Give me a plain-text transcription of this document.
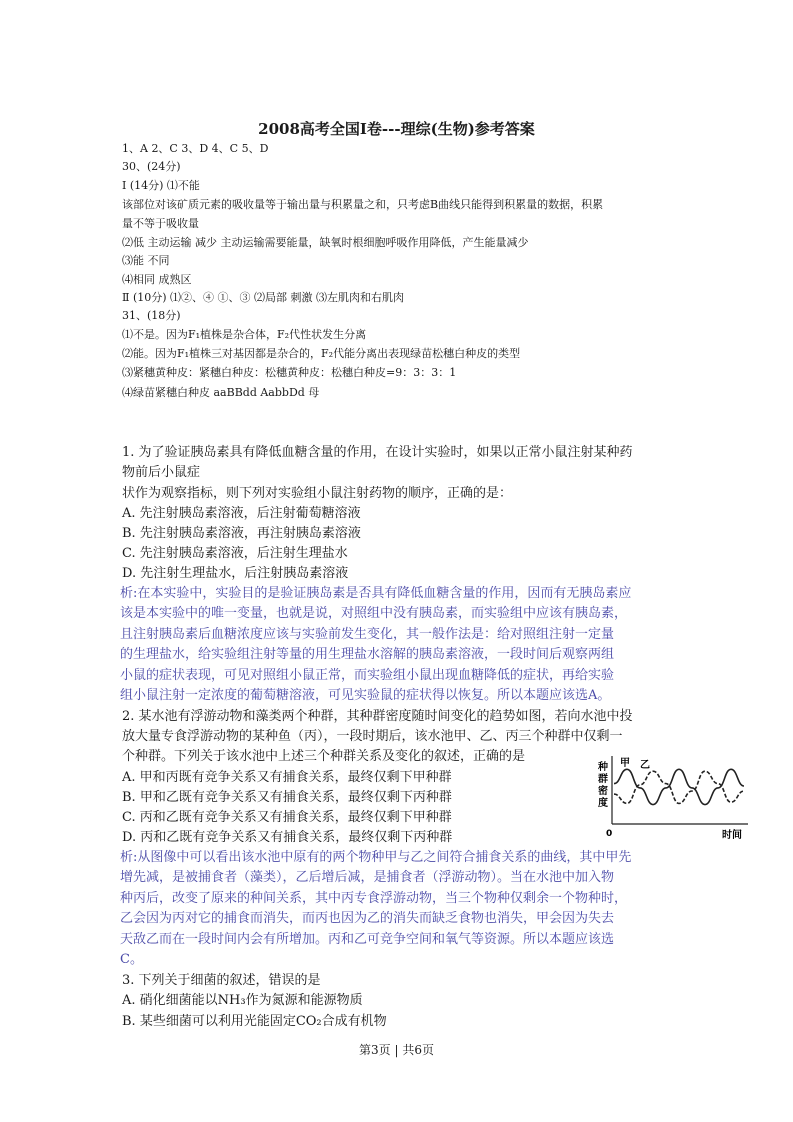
2008高考全国Ⅰ卷---理综(生物)参考答案
1、A 2、C 3、D 4、C 5、D
30、(24分)
Ⅰ (14分) ⑴不能
该部位对该矿质元素的吸收量等于输出量与积累量之和，只考虑B曲线只能得到积累量的数据，积累
量不等于吸收量
⑵低 主动运输 减少 主动运输需要能量，缺氧时根细胞呼吸作用降低，产生能量减少
⑶能 不同
⑷相同 成熟区
Ⅱ (10分) ⑴②、④ ①、③ ⑵局部 刺激 ⑶左肌肉和右肌肉
31、(18分)
⑴不是。因为F₁植株是杂合体，F₂代性状发生分离
⑵能。因为F₁植株三对基因都是杂合的，F₂代能分离出表现绿苗松穗白种皮的类型
⑶紧穗黄种皮：紧穗白种皮：松穗黄种皮：松穗白种皮=9：3：3：1
⑷绿苗紧穗白种皮 aaBBdd AabbDd 母
1. 为了验证胰岛素具有降低血糖含量的作用，在设计实验时，如果以正常小鼠注射某种药
物前后小鼠症
状作为观察指标，则下列对实验组小鼠注射药物的顺序，正确的是：
A. 先注射胰岛素溶液，后注射葡萄糖溶液
B. 先注射胰岛素溶液，再注射胰岛素溶液
C. 先注射胰岛素溶液，后注射生理盐水
D. 先注射生理盐水，后注射胰岛素溶液
析:在本实验中，实验目的是验证胰岛素是否具有降低血糖含量的作用，因而有无胰岛素应
该是本实验中的唯一变量，也就是说，对照组中没有胰岛素，而实验组中应该有胰岛素，
且注射胰岛素后血糖浓度应该与实验前发生变化，其一般作法是：给对照组注射一定量
的生理盐水，给实验组注射等量的用生理盐水溶解的胰岛素溶液，一段时间后观察两组
小鼠的症状表现，可见对照组小鼠正常，而实验组小鼠出现血糖降低的症状，再给实验
组小鼠注射一定浓度的葡萄糖溶液，可见实验鼠的症状得以恢复。所以本题应该选A。
2. 某水池有浮游动物和藻类两个种群，其种群密度随时间变化的趋势如图，若向水池中投
放大量专食浮游动物的某种鱼（丙），一段时期后，该水池甲、乙、丙三个种群中仅剩一
个种群。下列关于该水池中上述三个种群关系及变化的叙述，正确的是
A. 甲和丙既有竞争关系又有捕食关系，最终仅剩下甲种群
B. 甲和乙既有竞争关系又有捕食关系，最终仅剩下丙种群
C. 丙和乙既有竞争关系又有捕食关系，最终仅剩下甲种群
D. 丙和乙既有竞争关系又有捕食关系，最终仅剩下丙种群
种
群
密
度
甲 乙
0	时间
析:从图像中可以看出该水池中原有的两个物种甲与乙之间符合捕食关系的曲线，其中甲先
增先减，是被捕食者（藻类），乙后增后减，是捕食者（浮游动物）。当在水池中加入物
种丙后，改变了原来的种间关系，其中丙专食浮游动物，当三个物种仅剩余一个物种时，
乙会因为丙对它的捕食而消失，而丙也因为乙的消失而缺乏食物也消失，甲会因为失去
天敌乙而在一段时间内会有所增加。丙和乙可竞争空间和氧气等资源。所以本题应该选
C。
3. 下列关于细菌的叙述，错误的是
A. 硝化细菌能以NH₃作为氮源和能源物质
B. 某些细菌可以利用光能固定CO₂合成有机物
第3页 | 共6页
